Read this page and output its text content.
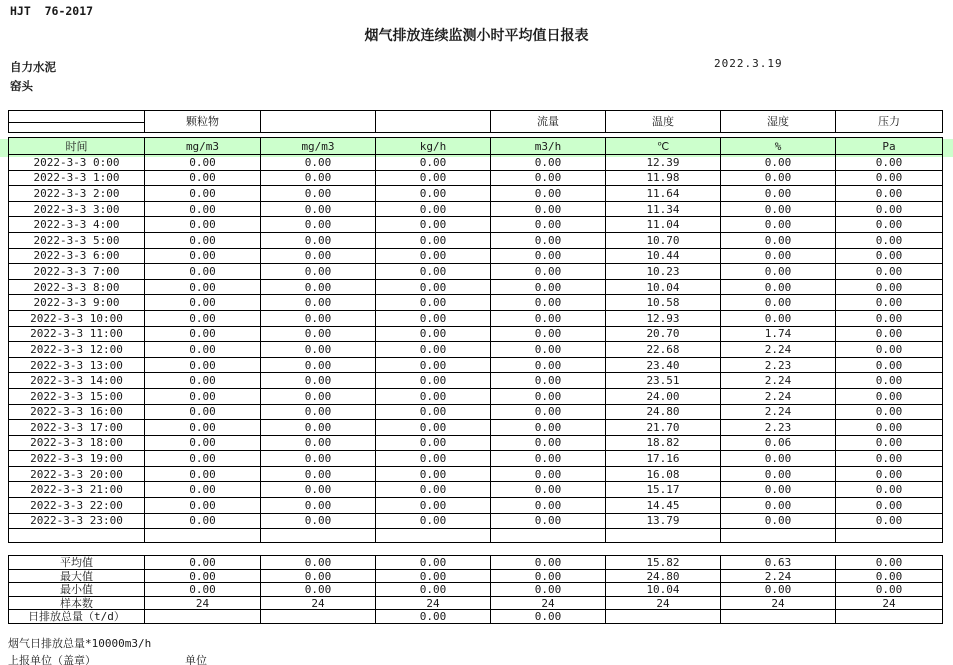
HJT  76-2017
烟气排放连续监测小时平均值日报表
自力水泥	2022.3.19
窑头
	颗粒物			流量	温度	湿度	压力

时间	mg/m3	mg/m3	kg/h	m3/h	℃	%	Pa
2022-3-3 0:00	0.00	0.00	0.00	0.00	12.39	0.00	0.00
2022-3-3 1:00	0.00	0.00	0.00	0.00	11.98	0.00	0.00
2022-3-3 2:00	0.00	0.00	0.00	0.00	11.64	0.00	0.00
2022-3-3 3:00	0.00	0.00	0.00	0.00	11.34	0.00	0.00
2022-3-3 4:00	0.00	0.00	0.00	0.00	11.04	0.00	0.00
2022-3-3 5:00	0.00	0.00	0.00	0.00	10.70	0.00	0.00
2022-3-3 6:00	0.00	0.00	0.00	0.00	10.44	0.00	0.00
2022-3-3 7:00	0.00	0.00	0.00	0.00	10.23	0.00	0.00
2022-3-3 8:00	0.00	0.00	0.00	0.00	10.04	0.00	0.00
2022-3-3 9:00	0.00	0.00	0.00	0.00	10.58	0.00	0.00
2022-3-3 10:00	0.00	0.00	0.00	0.00	12.93	0.00	0.00
2022-3-3 11:00	0.00	0.00	0.00	0.00	20.70	1.74	0.00
2022-3-3 12:00	0.00	0.00	0.00	0.00	22.68	2.24	0.00
2022-3-3 13:00	0.00	0.00	0.00	0.00	23.40	2.23	0.00
2022-3-3 14:00	0.00	0.00	0.00	0.00	23.51	2.24	0.00
2022-3-3 15:00	0.00	0.00	0.00	0.00	24.00	2.24	0.00
2022-3-3 16:00	0.00	0.00	0.00	0.00	24.80	2.24	0.00
2022-3-3 17:00	0.00	0.00	0.00	0.00	21.70	2.23	0.00
2022-3-3 18:00	0.00	0.00	0.00	0.00	18.82	0.06	0.00
2022-3-3 19:00	0.00	0.00	0.00	0.00	17.16	0.00	0.00
2022-3-3 20:00	0.00	0.00	0.00	0.00	16.08	0.00	0.00
2022-3-3 21:00	0.00	0.00	0.00	0.00	15.17	0.00	0.00
2022-3-3 22:00	0.00	0.00	0.00	0.00	14.45	0.00	0.00
2022-3-3 23:00	0.00	0.00	0.00	0.00	13.79	0.00	0.00

平均值	0.00	0.00	0.00	0.00	15.82	0.63	0.00
最大值	0.00	0.00	0.00	0.00	24.80	2.24	0.00
最小值	0.00	0.00	0.00	0.00	10.04	0.00	0.00
样本数	24	24	24	24	24	24	24
日排放总量（t/d）			0.00	0.00			
烟气日排放总量*10000m3/h
上报单位（盖章）	单位
